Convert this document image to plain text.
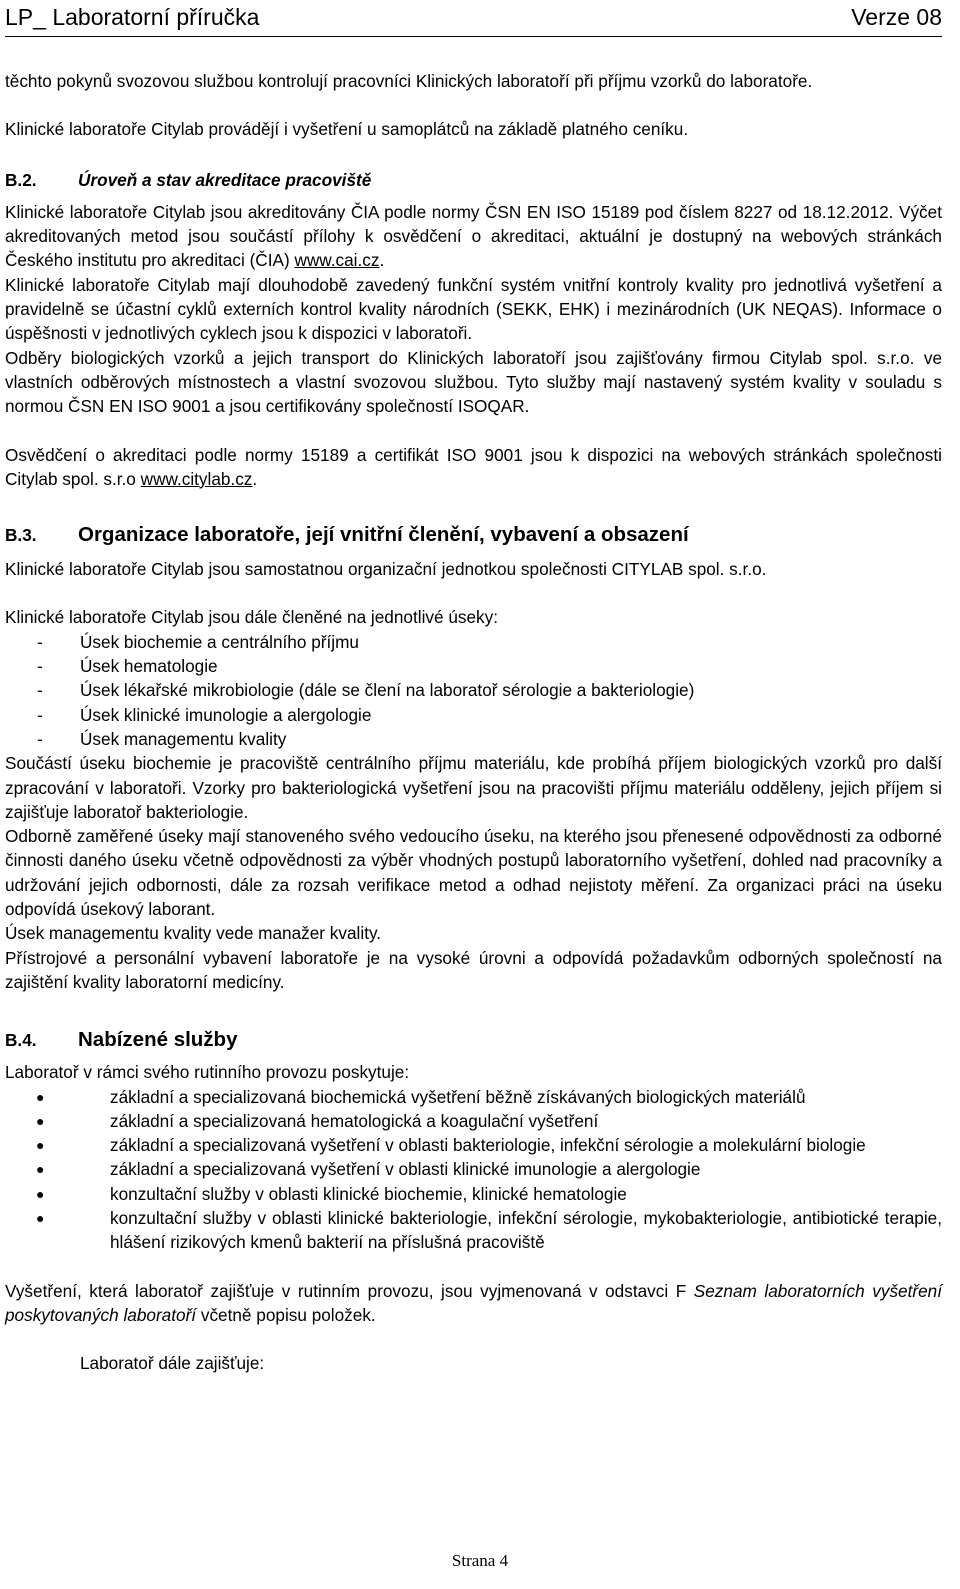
LP_ Laboratorní příručka	Verze 08

těchto pokynů svozovou službou kontrolují pracovníci Klinických laboratoří při příjmu vzorků do laboratoře.

Klinické laboratoře Citylab provádějí i vyšetření u samoplátců na základě platného ceníku.

B.2.	Úroveň a stav akreditace pracoviště

Klinické laboratoře Citylab jsou akreditovány ČIA podle normy ČSN EN ISO 15189 pod číslem 8227 od 18.12.2012. Výčet akreditovaných metod jsou součástí přílohy k osvědčení o akreditaci, aktuální je dostupný na webových stránkách Českého institutu pro akreditaci (ČIA) www.cai.cz.

Klinické laboratoře Citylab mají dlouhodobě zavedený funkční systém vnitřní kontroly kvality pro jednotlivá vyšetření a pravidelně se účastní cyklů externích kontrol kvality národních (SEKK, EHK) i mezinárodních (UK NEQAS). Informace o úspěšnosti v jednotlivých cyklech jsou k dispozici v laboratoři.

Odběry biologických vzorků a jejich transport do Klinických laboratoří jsou zajišťovány firmou Citylab spol. s.r.o. ve vlastních odběrových místnostech a vlastní svozovou službou. Tyto služby mají nastavený systém kvality v souladu s normou ČSN EN ISO 9001 a jsou certifikovány společností ISOQAR.

Osvědčení o akreditaci podle normy 15189 a certifikát ISO 9001 jsou k dispozici na webových stránkách společnosti Citylab spol. s.r.o www.citylab.cz.

B.3.	Organizace laboratoře, její vnitřní členění, vybavení a obsazení

Klinické laboratoře Citylab jsou samostatnou organizační jednotkou společnosti CITYLAB spol. s.r.o.

Klinické laboratoře Citylab jsou dále členěné na jednotlivé úseky:

-	Úsek biochemie a centrálního příjmu
-	Úsek hematologie
-	Úsek lékařské mikrobiologie (dále se člení na laboratoř sérologie a bakteriologie)
-	Úsek klinické imunologie a alergologie
-	Úsek managementu kvality

Součástí úseku biochemie je pracoviště centrálního příjmu materiálu, kde probíhá příjem biologických vzorků pro další zpracování v laboratoři. Vzorky pro bakteriologická vyšetření jsou na pracovišti příjmu materiálu odděleny, jejich příjem si zajišťuje laboratoř bakteriologie.

Odborně zaměřené úseky mají stanoveného svého vedoucího úseku, na kterého jsou přenesené odpovědnosti za odborné činnosti daného úseku včetně odpovědnosti za výběr vhodných postupů laboratorního vyšetření, dohled nad pracovníky a udržování jejich odbornosti, dále za rozsah verifikace metod a odhad nejistoty měření. Za organizaci práci na úseku odpovídá úsekový laborant.

Úsek managementu kvality vede manažer kvality.

Přístrojové a personální vybavení laboratoře je na vysoké úrovni a odpovídá požadavkům odborných společností na zajištění kvality laboratorní medicíny.

B.4.	Nabízené služby

Laboratoř v rámci svého rutinního provozu poskytuje:

●	základní a specializovaná biochemická vyšetření běžně získávaných biologických materiálů
●	základní a specializovaná hematologická a koagulační vyšetření
●	základní a specializovaná vyšetření v oblasti bakteriologie, infekční sérologie a molekulární biologie
●	základní a specializovaná vyšetření v oblasti klinické imunologie a alergologie
●	konzultační služby v oblasti klinické biochemie, klinické hematologie
●	konzultační služby v oblasti klinické bakteriologie, infekční sérologie, mykobakteriologie, antibiotické terapie, hlášení rizikových kmenů bakterií na příslušná pracoviště

Vyšetření, která laboratoř zajišťuje v rutinním provozu, jsou vyjmenovaná v odstavci F Seznam laboratorních vyšetření poskytovaných laboratoří včetně popisu položek.

Laboratoř dále zajišťuje:

Strana 4
